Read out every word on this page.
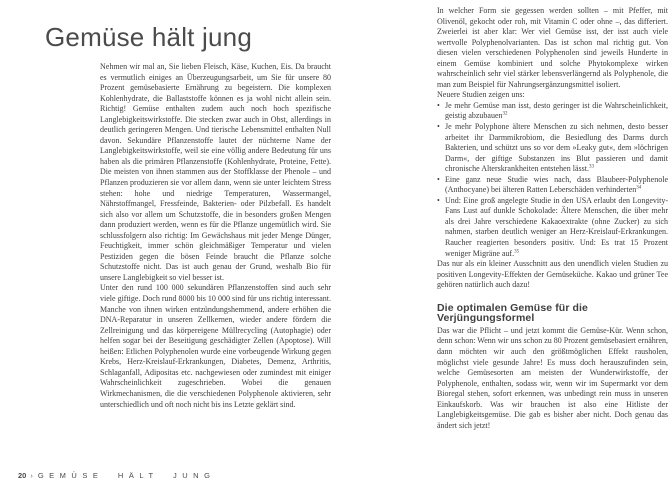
Gemüse hält jung

Nehmen wir mal an, Sie lieben Fleisch, Käse, Kuchen, Eis. Da braucht es vermutlich einiges an Überzeugungsarbeit, um Sie für unsere 80 Prozent gemüsebasierte Ernährung zu begeistern. Die komplexen Kohlenhydrate, die Ballaststoffe können es ja wohl nicht allein sein. Richtig! Gemüse enthalten zudem auch noch hoch spezifische Langlebigkeitswirkstoffe. Die stecken zwar auch in Obst, allerdings in deutlich geringeren Mengen. Und tierische Lebensmittel enthalten Null davon. Sekundäre Pflanzenstoffe lautet der nüchterne Name der Langlebigkeitswirkstoffe, weil sie eine völlig andere Bedeutung für uns haben als die primären Pflanzenstoffe (Kohlenhydrate, Proteine, Fette). Die meisten von ihnen stammen aus der Stoffklasse der Phenole – und Pflanzen produzieren sie vor allem dann, wenn sie unter leichtem Stress stehen: hohe und niedrige Temperaturen, Wassermangel, Nährstoffmangel, Fressfeinde, Bakterien- oder Pilzbefall. Es handelt sich also vor allem um Schutzstoffe, die in besonders großen Mengen dann produziert werden, wenn es für die Pflanze ungemütlich wird. Sie schlussfolgern also richtig: Im Gewächshaus mit jeder Menge Dünger, Feuchtigkeit, immer schön gleichmäßiger Temperatur und vielen Pestiziden gegen die bösen Feinde braucht die Pflanze solche Schutzstoffe nicht. Das ist auch genau der Grund, weshalb Bio für unsere Langlebigkeit so viel besser ist.

Unter den rund 100 000 sekundären Pflanzenstoffen sind auch sehr viele giftige. Doch rund 8000 bis 10 000 sind für uns richtig interessant. Manche von ihnen wirken entzündungshemmend, andere erhöhen die DNA-Reparatur in unseren Zellkernen, wieder andere fördern die Zellreinigung und das körpereigene Müllrecycling (Autophagie) oder helfen sogar bei der Beseitigung geschädigter Zellen (Apoptose). Will heißen: Etlichen Polyphenolen wurde eine vorbeugende Wirkung gegen Krebs, Herz-Kreislauf-Erkrankungen, Diabetes, Demenz, Arthritis, Schlaganfall, Adipositas etc. nachgewiesen oder zumindest mit einiger Wahrscheinlichkeit zugeschrieben. Wobei die genauen Wirkmechanismen, die die verschiedenen Polyphenole aktivieren, sehr unterschiedlich und oft noch nicht bis ins Letzte geklärt sind.

20 › GEMÜSE HÄLT JUNG

In welcher Form sie gegessen werden sollten – mit Pfeffer, mit Olivenöl, gekocht oder roh, mit Vitamin C oder ohne –, das differiert. Zweierlei ist aber klar: Wer viel Gemüse isst, der isst auch viele wertvolle Polyphenolvarianten. Das ist schon mal richtig gut. Von diesen vielen verschiedenen Polyphenolen sind jeweils Hunderte in einem Gemüse kombiniert und solche Phytokomplexe wirken wahrscheinlich sehr viel stärker lebensverlängernd als Polyphenole, die man zum Beispiel für Nahrungsergänzungsmittel isoliert.

Neuere Studien zeigen uns:

• Je mehr Gemüse man isst, desto geringer ist die Wahrscheinlichkeit, geistig abzubauen$^{32}$
• Je mehr Polyphone ältere Menschen zu sich nehmen, desto besser arbeitet ihr Darmmikrobiom, die Besiedlung des Darms durch Bakterien, und schützt uns so vor dem »Leaky gut«, dem »löchrigen Darm«, der giftige Substanzen ins Blut passieren und damit chronische Alterskrankheiten entstehen lässt.$^{33}$
• Eine ganz neue Studie wies nach, dass Blaubeer-Polyphenole (Anthocyane) bei älteren Ratten Leberschäden verhinderten$^{34}$
• Und: Eine groß angelegte Studie in den USA erlaubt den Longevity-Fans Lust auf dunkle Schokolade: Ältere Menschen, die über mehr als drei Jahre verschiedene Kakaoextrakte (ohne Zucker) zu sich nahmen, starben deutlich weniger an Herz-Kreislauf-Erkrankungen. Raucher reagierten besonders positiv. Und: Es trat 15 Prozent weniger Migräne auf.$^{35}$

Das nur als ein kleiner Ausschnitt aus den unendlich vielen Studien zu positiven Longevity-Effekten der Gemüseküche. Kakao und grüner Tee gehören natürlich auch dazu!

Die optimalen Gemüse für die Verjüngungsformel

Das war die Pflicht – und jetzt kommt die Gemüse-Kür. Wenn schon, denn schon: Wenn wir uns schon zu 80 Prozent gemüsebasiert ernähren, dann möchten wir auch den größtmöglichen Effekt rausholen, möglichst viele gesunde Jahre! Es muss doch herauszufinden sein, welche Gemüsesorten am meisten der Wunderwirkstoffe, der Polyphenole, enthalten, sodass wir, wenn wir im Supermarkt vor dem Bioregal stehen, sofort erkennen, was unbedingt rein muss in unseren Einkaufskorb. Was wir brauchen ist also eine Hitliste der Langlebigkeitsgemüse. Die gab es bisher aber nicht. Doch genau das ändert sich jetzt!
